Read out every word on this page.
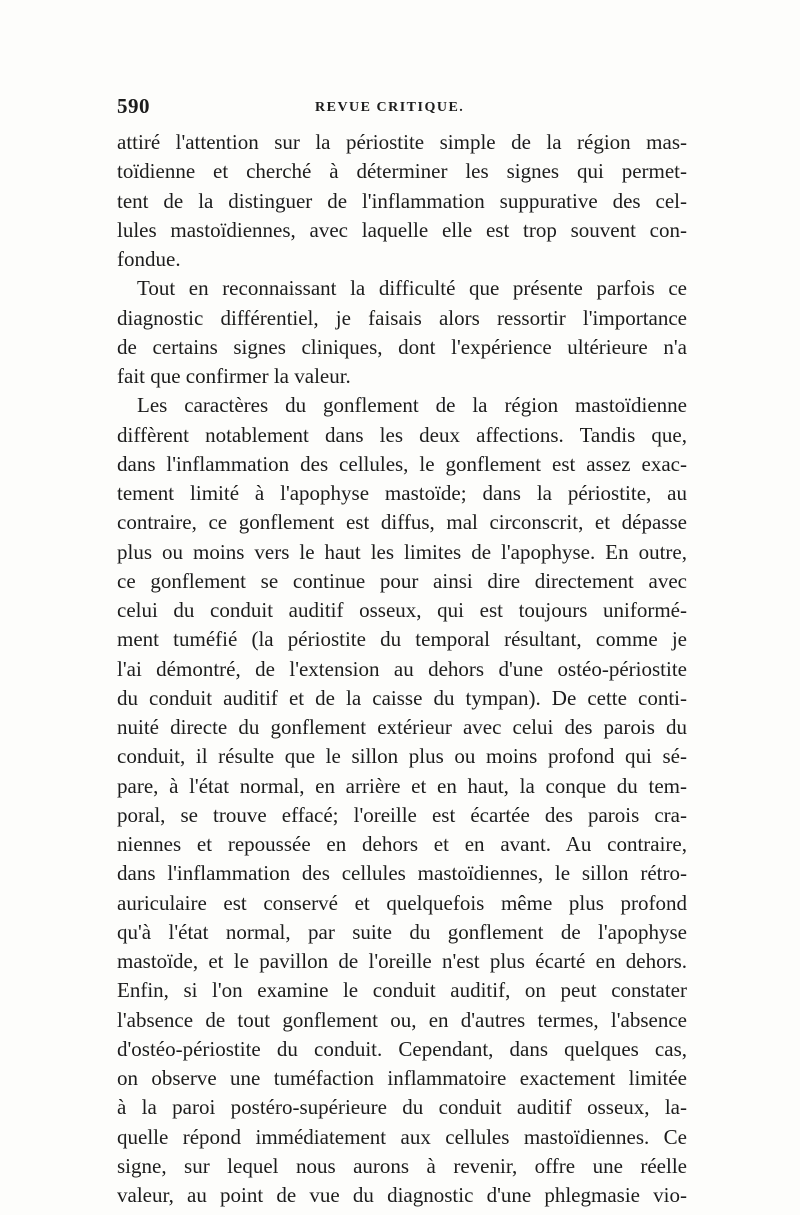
590	REVUE CRITIQUE.
attiré l'attention sur la périostite simple de la région mas-
toïdienne et cherché à déterminer les signes qui permet-
tent de la distinguer de l'inflammation suppurative des cel-
lules mastoïdiennes, avec laquelle elle est trop souvent con-
fondue.
Tout en reconnaissant la difficulté que présente parfois ce
diagnostic différentiel, je faisais alors ressortir l'importance
de certains signes cliniques, dont l'expérience ultérieure n'a
fait que confirmer la valeur.
Les caractères du gonflement de la région mastoïdienne
diffèrent notablement dans les deux affections. Tandis que,
dans l'inflammation des cellules, le gonflement est assez exac-
tement limité à l'apophyse mastoïde; dans la périostite, au
contraire, ce gonflement est diffus, mal circonscrit, et dépasse
plus ou moins vers le haut les limites de l'apophyse. En outre,
ce gonflement se continue pour ainsi dire directement avec
celui du conduit auditif osseux, qui est toujours uniformé-
ment tuméfié (la périostite du temporal résultant, comme je
l'ai démontré, de l'extension au dehors d'une ostéo-périostite
du conduit auditif et de la caisse du tympan). De cette conti-
nuité directe du gonflement extérieur avec celui des parois du
conduit, il résulte que le sillon plus ou moins profond qui sé-
pare, à l'état normal, en arrière et en haut, la conque du tem-
poral, se trouve effacé; l'oreille est écartée des parois cra-
niennes et repoussée en dehors et en avant. Au contraire,
dans l'inflammation des cellules mastoïdiennes, le sillon rétro-
auriculaire est conservé et quelquefois même plus profond
qu'à l'état normal, par suite du gonflement de l'apophyse
mastoïde, et le pavillon de l'oreille n'est plus écarté en dehors.
Enfin, si l'on examine le conduit auditif, on peut constater
l'absence de tout gonflement ou, en d'autres termes, l'absence
d'ostéo-périostite du conduit. Cependant, dans quelques cas,
on observe une tuméfaction inflammatoire exactement limitée
à la paroi postéro-supérieure du conduit auditif osseux, la-
quelle répond immédiatement aux cellules mastoïdiennes. Ce
signe, sur lequel nous aurons à revenir, offre une réelle
valeur, au point de vue du diagnostic d'une phlegmasie vio-
